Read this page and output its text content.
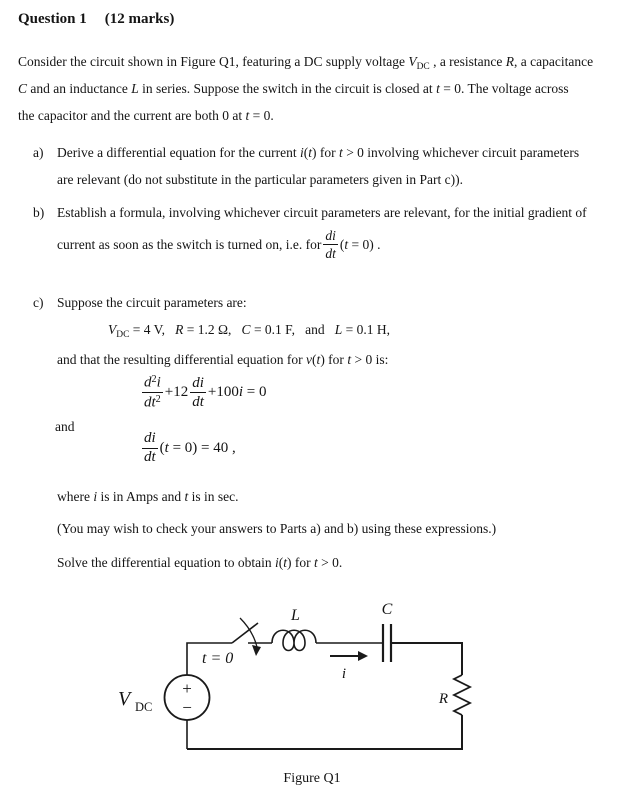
Question 1 (12 marks)
Consider the circuit shown in Figure Q1, featuring a DC supply voltage $V_{DC}$ , a resistance R, a capacitance
C and an inductance L in series. Suppose the switch in the circuit is closed at t = 0. The voltage across
the capacitor and the current are both 0 at t = 0.
a) Derive a differential equation for the current i(t) for t > 0 involving whichever circuit parameters
are relevant (do not substitute in the particular parameters given in Part c)).
b) Establish a formula, involving whichever circuit parameters are relevant, for the initial gradient of
current as soon as the switch is turned on, i.e. for $\frac{di}{dt} (t = 0)$ .
c) Suppose the circuit parameters are:
$V_{DC} = 4$ V,  R = 1.2 Ω,  C = 0.1 F,  and  L = 0.1 H,
and that the resulting differential equation for v(t) for t > 0 is:
$\frac{d^2i}{dt^2} +12 \frac{di}{dt} +100i = 0$
and
$\frac{di}{dt} (t = 0) = 40$ ,
where i is in Amps and t is in sec.
(You may wish to check your answers to Parts a) and b) using these expressions.)
Solve the differential equation to obtain i(t) for t > 0.
t = 0
L
i
C
R
+
−
V DC
Figure Q1
